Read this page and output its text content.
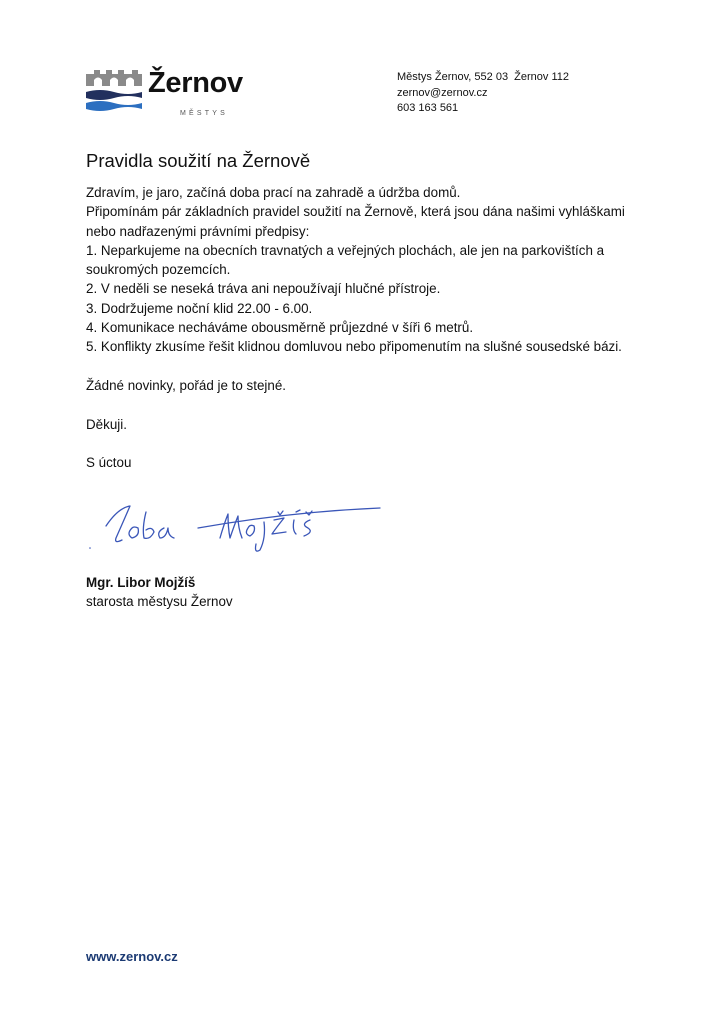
Žernov
MĚSTYS
Městys Žernov, 552 03  Žernov 112
zernov@zernov.cz
603 163 561
Pravidla soužití na Žernově

Zdravím, je jaro, začíná doba prací na zahradě a údržba domů.

Připomínám pár základních pravidel soužití na Žernově, která jsou dána našimi vyhláškami

nebo nadřazenými právními předpisy:

1. Neparkujeme na obecních travnatých a veřejných plochách, ale jen na parkovištích a

soukromých pozemcích.

2. V neděli se neseká tráva ani nepoužívají hlučné přístroje.

3. Dodržujeme noční klid 22.00 - 6.00.

4. Komunikace necháváme obousměrně průjezdné v šíři 6 metrů.

5. Konflikty zkusíme řešit klidnou domluvou nebo připomenutím na slušné sousedské bázi.

Žádné novinky, pořád je to stejné.

Děkuji.

S úctou

Mgr. Libor Mojžíš
starosta městysu Žernov
www.zernov.cz
